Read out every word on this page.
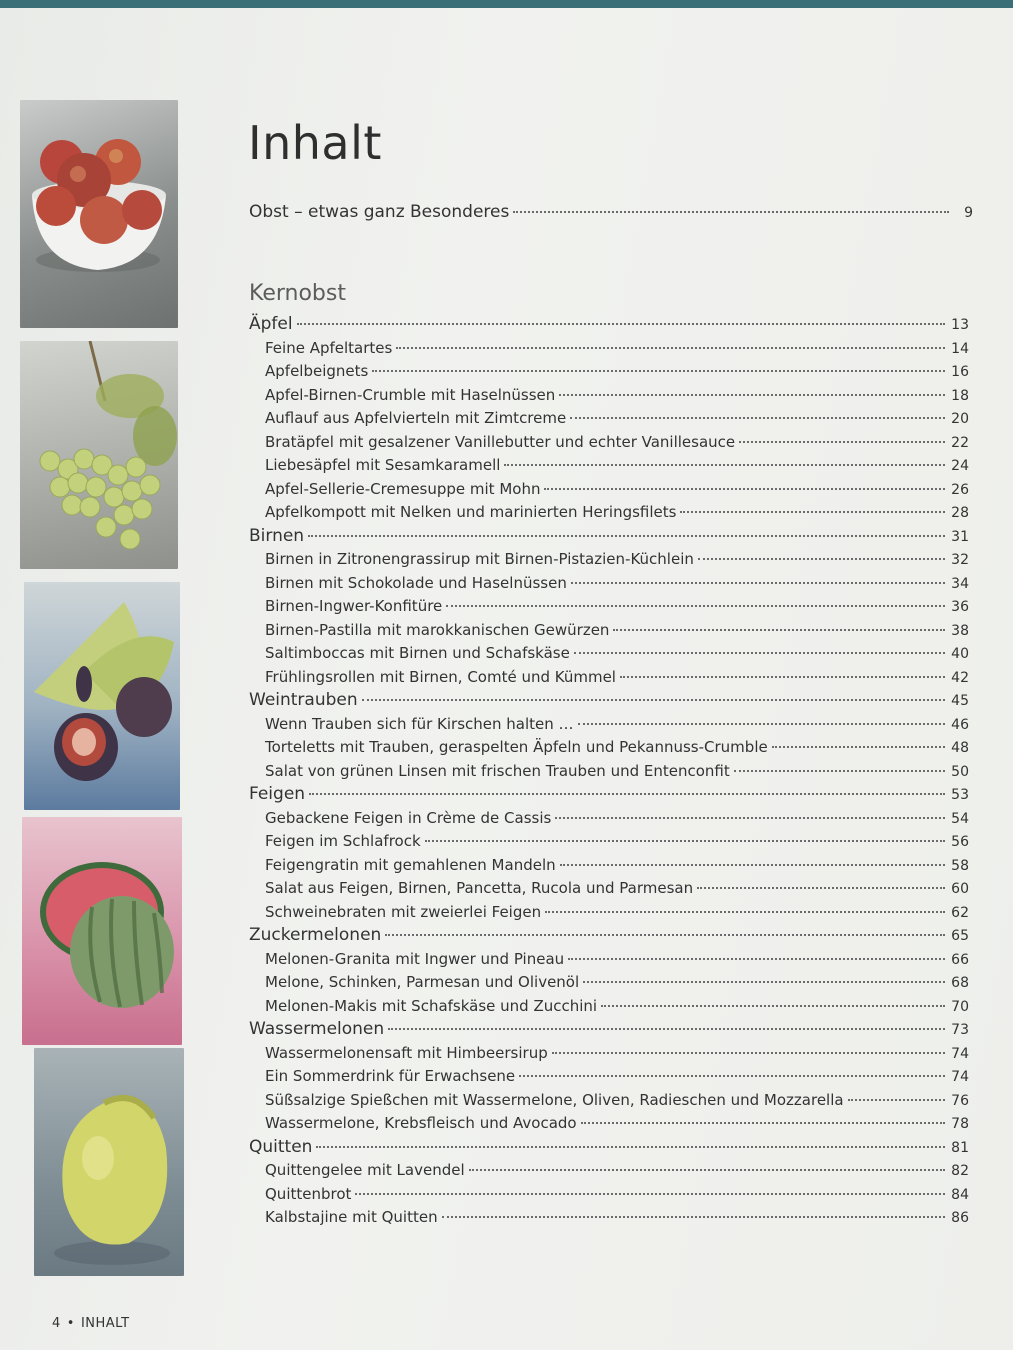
Inhalt
Obst – etwas ganz Besonderes	9
Kernobst
Äpfel	13
Feine Apfeltartes	14
Apfelbeignets	16
Apfel-Birnen-Crumble mit Haselnüssen	18
Auflauf aus Apfelvierteln mit Zimtcreme	20
Bratäpfel mit gesalzener Vanillebutter und echter Vanillesauce	22
Liebesäpfel mit Sesamkaramell	24
Apfel-Sellerie-Cremesuppe mit Mohn	26
Apfelkompott mit Nelken und marinierten Heringsfilets	28
Birnen	31
Birnen in Zitronengrassirup mit Birnen-Pistazien-Küchlein	32
Birnen mit Schokolade und Haselnüssen	34
Birnen-Ingwer-Konfitüre	36
Birnen-Pastilla mit marokkanischen Gewürzen	38
Saltimboccas mit Birnen und Schafskäse	40
Frühlingsrollen mit Birnen, Comté und Kümmel	42
Weintrauben	45
Wenn Trauben sich für Kirschen halten …	46
Torteletts mit Trauben, geraspelten Äpfeln und Pekannuss-Crumble	48
Salat von grünen Linsen mit frischen Trauben und Entenconfit	50
Feigen	53
Gebackene Feigen in Crème de Cassis	54
Feigen im Schlafrock	56
Feigengratin mit gemahlenen Mandeln	58
Salat aus Feigen, Birnen, Pancetta, Rucola und Parmesan	60
Schweinebraten mit zweierlei Feigen	62
Zuckermelonen	65
Melonen-Granita mit Ingwer und Pineau	66
Melone, Schinken, Parmesan und Olivenöl	68
Melonen-Makis mit Schafskäse und Zucchini	70
Wassermelonen	73
Wassermelonensaft mit Himbeersirup	74
Ein Sommerdrink für Erwachsene	74
Süßsalzige Spießchen mit Wassermelone, Oliven, Radieschen und Mozzarella	76
Wassermelone, Krebsfleisch und Avocado	78
Quitten	81
Quittengelee mit Lavendel	82
Quittenbrot	84
Kalbstajine mit Quitten	86
4 • INHALT
